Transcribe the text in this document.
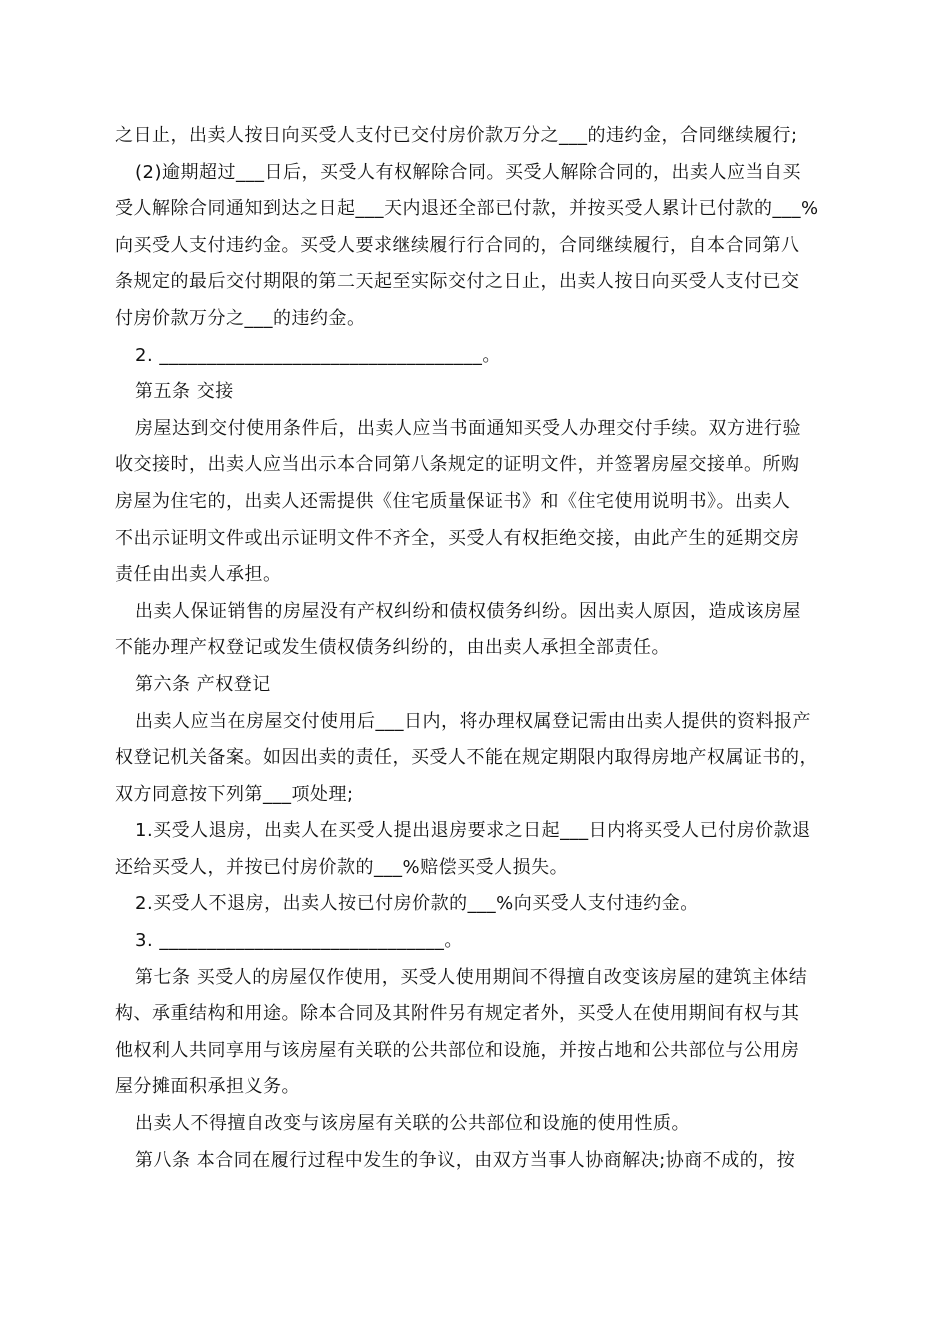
之日止，出卖人按日向买受人支付已交付房价款万分之___的违约金，合同继续履行;
(2)逾期超过___日后，买受人有权解除合同。买受人解除合同的，出卖人应当自买
受人解除合同通知到达之日起___天内退还全部已付款，并按买受人累计已付款的___%
向买受人支付违约金。买受人要求继续履行行合同的，合同继续履行，自本合同第八
条规定的最后交付期限的第二天起至实际交付之日止，出卖人按日向买受人支付已交
付房价款万分之___的违约金。
2. __________________________________。
第五条 交接
房屋达到交付使用条件后，出卖人应当书面通知买受人办理交付手续。双方进行验
收交接时，出卖人应当出示本合同第八条规定的证明文件，并签署房屋交接单。所购
房屋为住宅的，出卖人还需提供《住宅质量保证书》和《住宅使用说明书》。出卖人
不出示证明文件或出示证明文件不齐全，买受人有权拒绝交接，由此产生的延期交房
责任由出卖人承担。
出卖人保证销售的房屋没有产权纠纷和债权债务纠纷。因出卖人原因，造成该房屋
不能办理产权登记或发生债权债务纠纷的，由出卖人承担全部责任。
第六条 产权登记
出卖人应当在房屋交付使用后___日内，将办理权属登记需由出卖人提供的资料报产
权登记机关备案。如因出卖的责任，买受人不能在规定期限内取得房地产权属证书的，
双方同意按下列第___项处理;
1.买受人退房，出卖人在买受人提出退房要求之日起___日内将买受人已付房价款退
还给买受人，并按已付房价款的___%赔偿买受人损失。
2.买受人不退房，出卖人按已付房价款的___%向买受人支付违约金。
3. ______________________________。
第七条 买受人的房屋仅作使用，买受人使用期间不得擅自改变该房屋的建筑主体结
构、承重结构和用途。除本合同及其附件另有规定者外，买受人在使用期间有权与其
他权利人共同享用与该房屋有关联的公共部位和设施，并按占地和公共部位与公用房
屋分摊面积承担义务。
出卖人不得擅自改变与该房屋有关联的公共部位和设施的使用性质。
第八条 本合同在履行过程中发生的争议，由双方当事人协商解决;协商不成的，按
